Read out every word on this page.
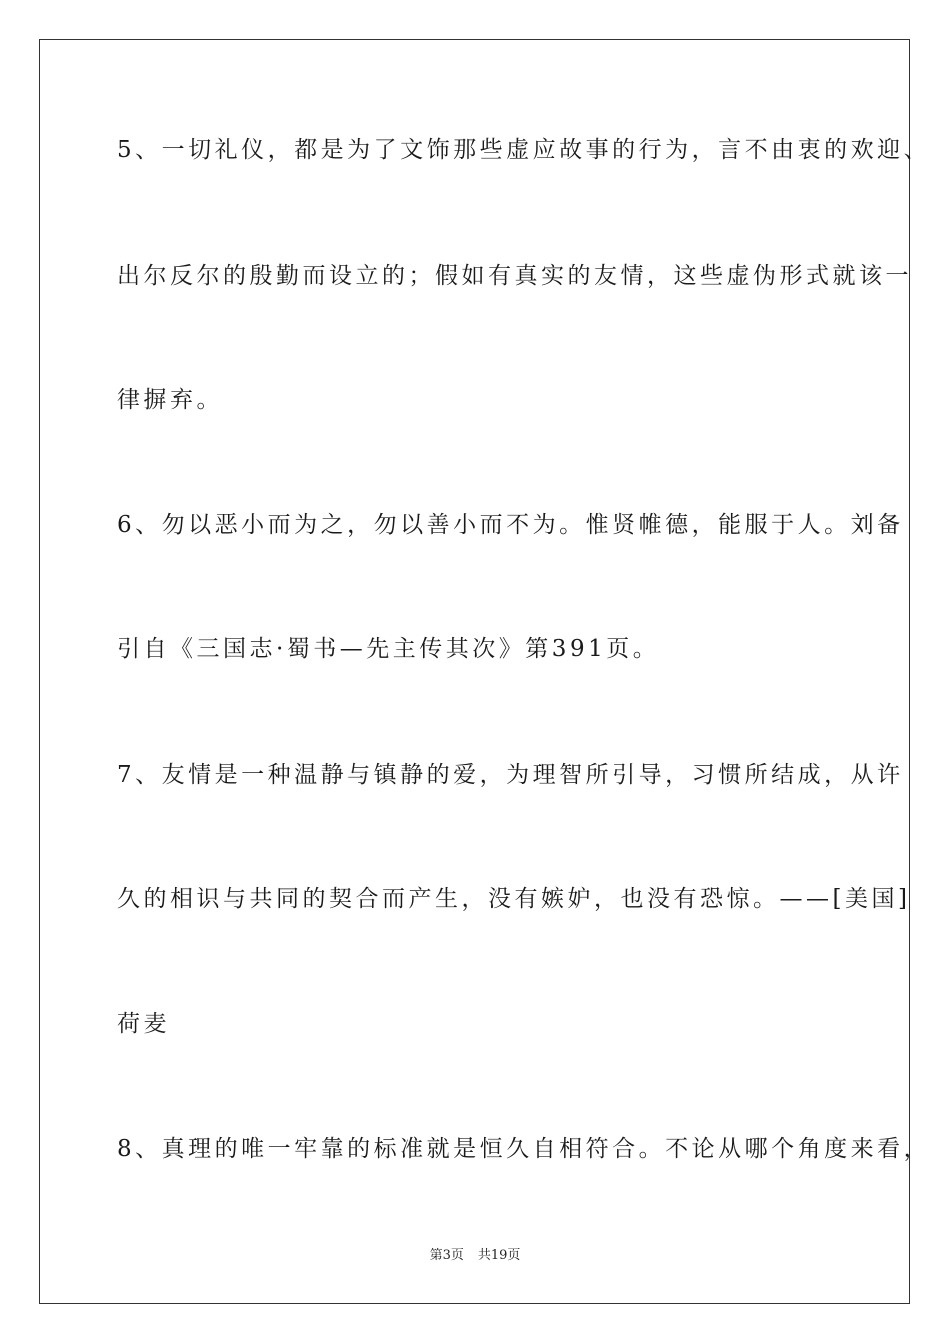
5、一切礼仪，都是为了文饰那些虚应故事的行为，言不由衷的欢迎、
出尔反尔的殷勤而设立的；假如有真实的友情，这些虚伪形式就该一
律摒弃。
6、勿以恶小而为之，勿以善小而不为。惟贤帷德，能服于人。刘备
引自《三国志·蜀书—先主传其次》第391页。
7、友情是一种温静与镇静的爱，为理智所引导，习惯所结成，从许
久的相识与共同的契合而产生，没有嫉妒，也没有恐惊。——[美国]
荷麦
8、真理的唯一牢靠的标准就是恒久自相符合。不论从哪个角度来看，
第3页 共19页
